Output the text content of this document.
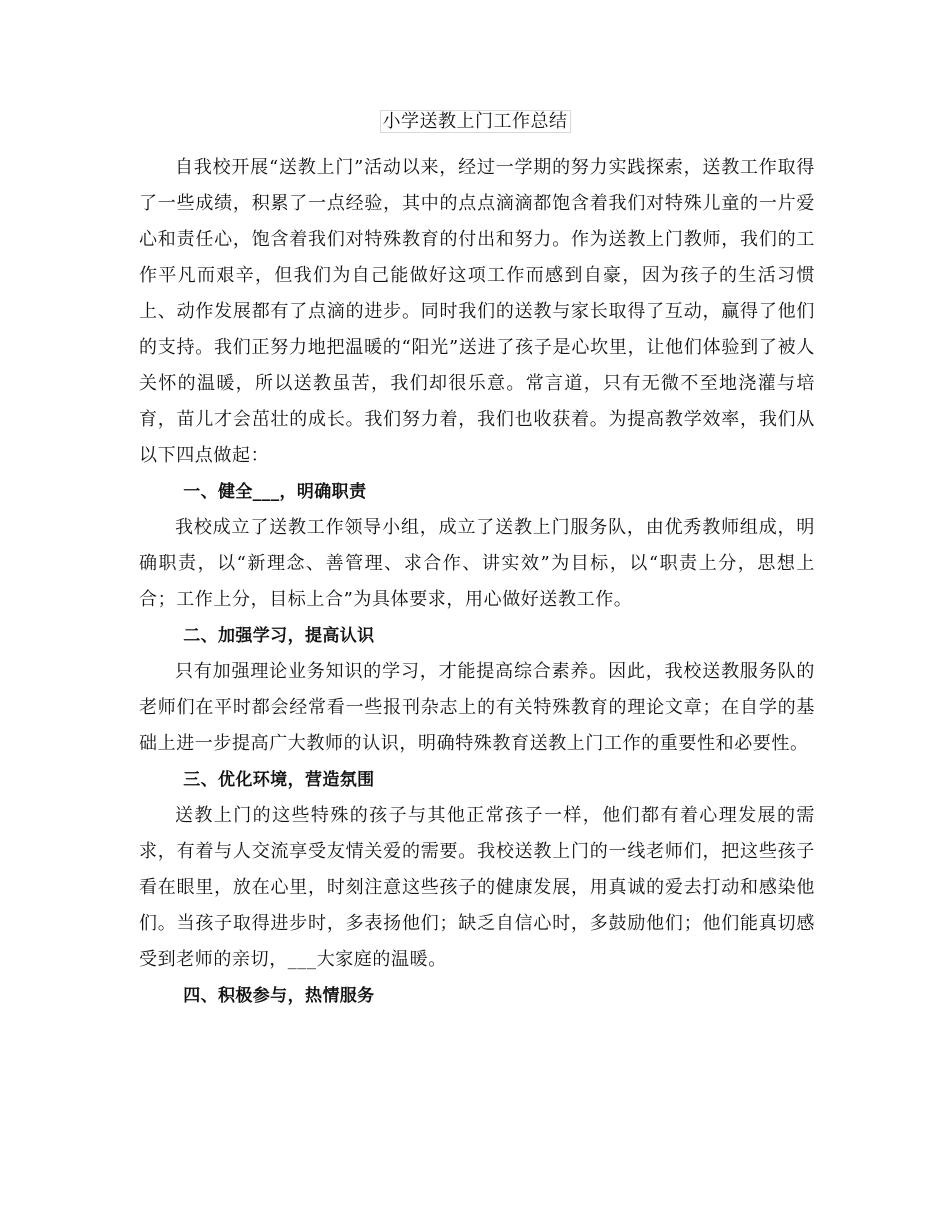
小学送教上门工作总结

自我校开展“送教上门”活动以来，经过一学期的努力实践探索，送教工作取得了一些成绩，积累了一点经验，其中的点点滴滴都饱含着我们对特殊儿童的一片爱心和责任心，饱含着我们对特殊教育的付出和努力。作为送教上门教师，我们的工作平凡而艰辛，但我们为自己能做好这项工作而感到自豪，因为孩子的生活习惯上、动作发展都有了点滴的进步。同时我们的送教与家长取得了互动，赢得了他们的支持。我们正努力地把温暖的“阳光”送进了孩子是心坎里，让他们体验到了被人关怀的温暖，所以送教虽苦，我们却很乐意。常言道，只有无微不至地浇灌与培育，苗儿才会茁壮的成长。我们努力着，我们也收获着。为提高教学效率，我们从以下四点做起：

一、健全___，明确职责

我校成立了送教工作领导小组，成立了送教上门服务队，由优秀教师组成，明确职责，以“新理念、善管理、求合作、讲实效”为目标，以“职责上分，思想上合；工作上分，目标上合”为具体要求，用心做好送教工作。

二、加强学习，提高认识

只有加强理论业务知识的学习，才能提高综合素养。因此，我校送教服务队的老师们在平时都会经常看一些报刊杂志上的有关特殊教育的理论文章；在自学的基础上进一步提高广大教师的认识，明确特殊教育送教上门工作的重要性和必要性。

三、优化环境，营造氛围

送教上门的这些特殊的孩子与其他正常孩子一样，他们都有着心理发展的需求，有着与人交流享受友情关爱的需要。我校送教上门的一线老师们，把这些孩子看在眼里，放在心里，时刻注意这些孩子的健康发展，用真诚的爱去打动和感染他们。当孩子取得进步时，多表扬他们；缺乏自信心时，多鼓励他们；他们能真切感受到老师的亲切，___大家庭的温暖。

四、积极参与，热情服务
